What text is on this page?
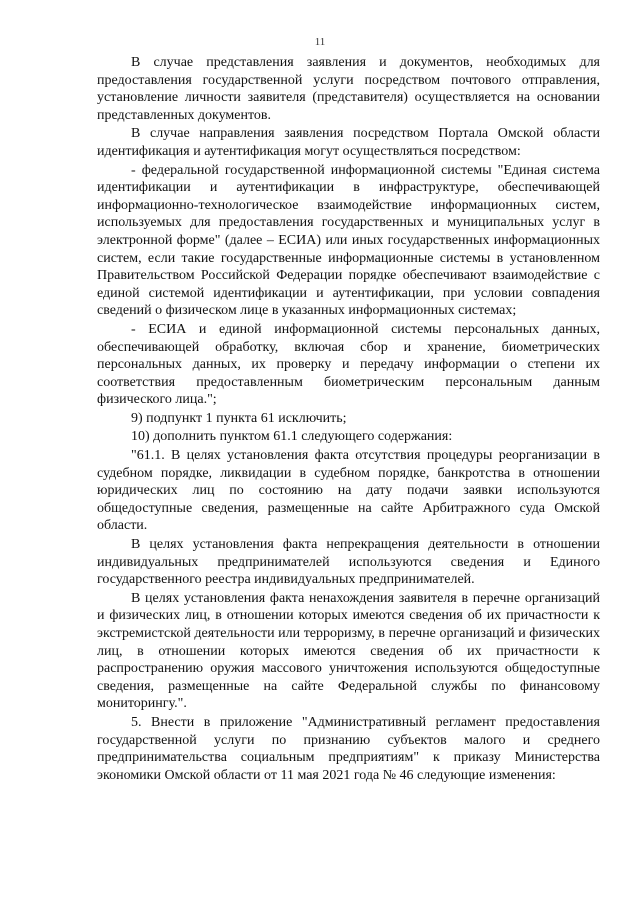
11

В случае представления заявления и документов, необходимых для предоставления государственной услуги посредством почтового отправления, установление личности заявителя (представителя) осуществляется на основании представленных документов.

В случае направления заявления посредством Портала Омской области идентификация и аутентификация могут осуществляться посредством:

- федеральной государственной информационной системы "Единая система идентификации и аутентификации в инфраструктуре, обеспечивающей информационно-технологическое взаимодействие информационных систем, используемых для предоставления государственных и муниципальных услуг в электронной форме" (далее – ЕСИА) или иных государственных информационных систем, если такие государственные информационные системы в установленном Правительством Российской Федерации порядке обеспечивают взаимодействие с единой системой идентификации и аутентификации, при условии совпадения сведений о физическом лице в указанных информационных системах;

- ЕСИА и единой информационной системы персональных данных, обеспечивающей обработку, включая сбор и хранение, биометрических персональных данных, их проверку и передачу информации о степени их соответствия предоставленным биометрическим персональным данным физического лица.";

9) подпункт 1 пункта 61 исключить;

10) дополнить пунктом 61.1 следующего содержания:

"61.1. В целях установления факта отсутствия процедуры реорганизации в судебном порядке, ликвидации в судебном порядке, банкротства в отношении юридических лиц по состоянию на дату подачи заявки используются общедоступные сведения, размещенные на сайте Арбитражного суда Омской области.

В целях установления факта непрекращения деятельности в отношении индивидуальных предпринимателей используются сведения и Единого государственного реестра индивидуальных предпринимателей.

В целях установления факта ненахождения заявителя в перечне организаций и физических лиц, в отношении которых имеются сведения об их причастности к экстремистской деятельности или терроризму, в перечне организаций и физических лиц, в отношении которых имеются сведения об их причастности к распространению оружия массового уничтожения используются общедоступные сведения, размещенные на сайте Федеральной службы по финансовому мониторингу.".

5. Внести в приложение "Административный регламент предоставления государственной услуги по признанию субъектов малого и среднего предпринимательства социальным предприятиям" к приказу Министерства экономики Омской области от 11 мая 2021 года № 46 следующие изменения:
